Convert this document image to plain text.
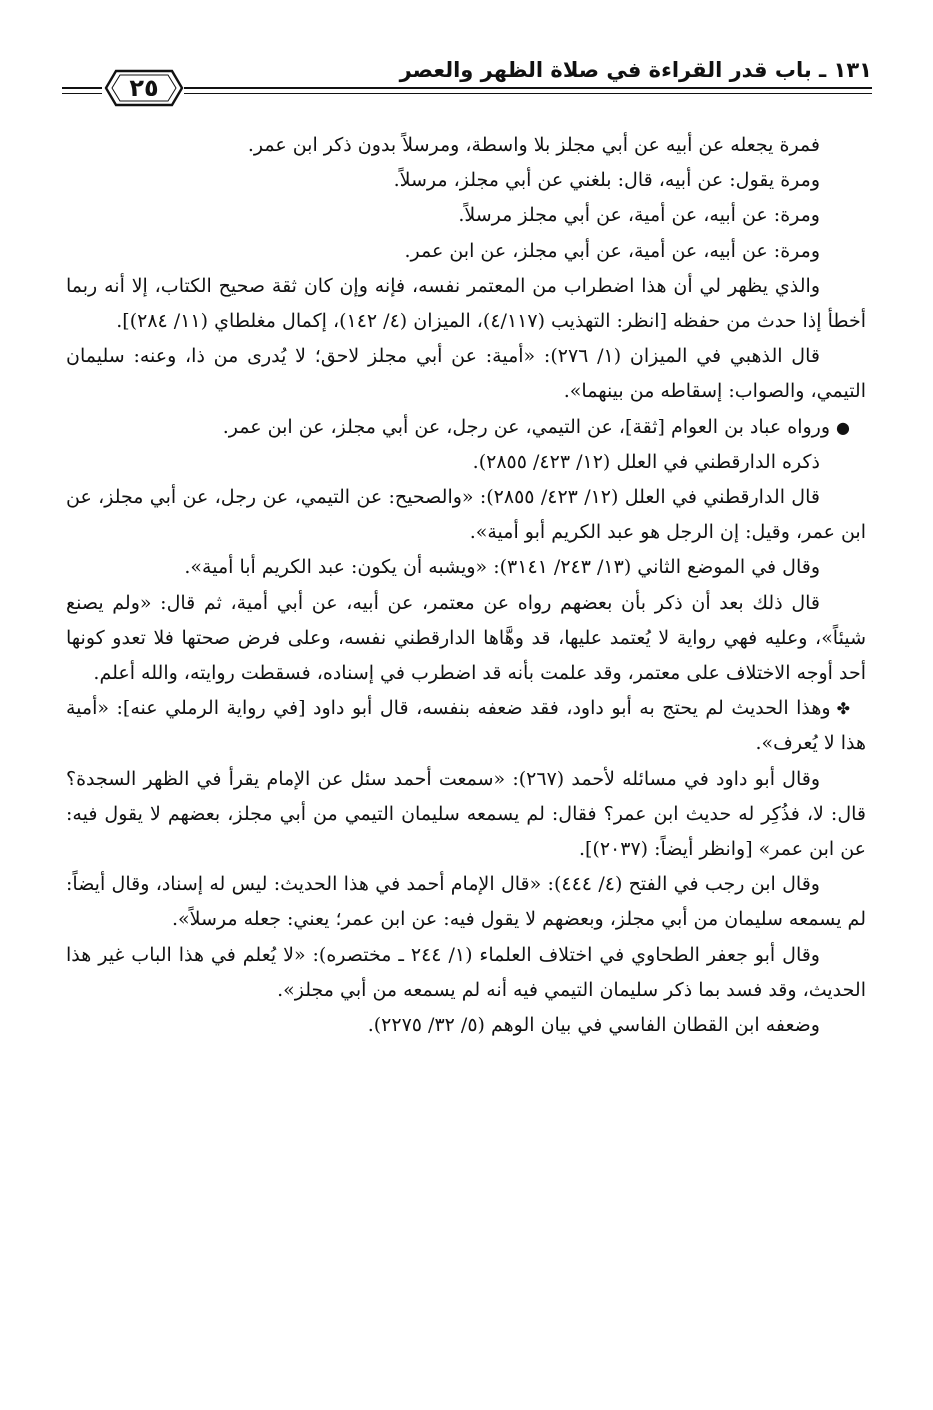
١٣١ ـ باب قدر القراءة في صلاة الظهر والعصر
٢٥

فمرة يجعله عن أبيه عن أبي مجلز بلا واسطة، ومرسلاً بدون ذكر ابن عمر.

ومرة يقول: عن أبيه، قال: بلغني عن أبي مجلز، مرسلاً.

ومرة: عن أبيه، عن أمية، عن أبي مجلز مرسلاً.

ومرة: عن أبيه، عن أمية، عن أبي مجلز، عن ابن عمر.

والذي يظهر لي أن هذا اضطراب من المعتمر نفسه، فإنه وإن كان ثقة صحيح الكتاب، إلا أنه ربما أخطأ إذا حدث من حفظه [انظر: التهذيب (٤/١١٧)، الميزان (٤/ ١٤٢)، إكمال مغلطاي (١١/ ٢٨٤)].

قال الذهبي في الميزان (١/ ٢٧٦): «أمية: عن أبي مجلز لاحق؛ لا يُدرى من ذا، وعنه: سليمان التيمي، والصواب: إسقاطه من بينهما».

●ورواه عباد بن العوام [ثقة]، عن التيمي، عن رجل، عن أبي مجلز، عن ابن عمر.

ذكره الدارقطني في العلل (١٢/ ٤٢٣/ ٢٨٥٥).

قال الدارقطني في العلل (١٢/ ٤٢٣/ ٢٨٥٥): «والصحيح: عن التيمي، عن رجل، عن أبي مجلز، عن ابن عمر، وقيل: إن الرجل هو عبد الكريم أبو أمية».

وقال في الموضع الثاني (١٣/ ٢٤٣/ ٣١٤١): «ويشبه أن يكون: عبد الكريم أبا أمية».

قال ذلك بعد أن ذكر بأن بعضهم رواه عن معتمر، عن أبيه، عن أبي أمية، ثم قال: «ولم يصنع شيئاً»، وعليه فهي رواية لا يُعتمد عليها، قد وهَّاها الدارقطني نفسه، وعلى فرض صحتها فلا تعدو كونها أحد أوجه الاختلاف على معتمر، وقد علمت بأنه قد اضطرب في إسناده، فسقطت روايته، والله أعلم.

✤وهذا الحديث لم يحتج به أبو داود، فقد ضعفه بنفسه، قال أبو داود [في رواية الرملي عنه]: «أمية هذا لا يُعرف».

وقال أبو داود في مسائله لأحمد (٢٦٧): «سمعت أحمد سئل عن الإمام يقرأ في الظهر السجدة؟ قال: لا، فذُكِر له حديث ابن عمر؟ فقال: لم يسمعه سليمان التيمي من أبي مجلز، بعضهم لا يقول فيه: عن ابن عمر» [وانظر أيضاً: (٢٠٣٧)].

وقال ابن رجب في الفتح (٤/ ٤٤٤): «قال الإمام أحمد في هذا الحديث: ليس له إسناد، وقال أيضاً: لم يسمعه سليمان من أبي مجلز، وبعضهم لا يقول فيه: عن ابن عمر؛ يعني: جعله مرسلاً».

وقال أبو جعفر الطحاوي في اختلاف العلماء (١/ ٢٤٤ ـ مختصره): «لا يُعلم في هذا الباب غير هذا الحديث، وقد فسد بما ذكر سليمان التيمي فيه أنه لم يسمعه من أبي مجلز».

وضعفه ابن القطان الفاسي في بيان الوهم (٥/ ٣٢/ ٢٢٧٥).
